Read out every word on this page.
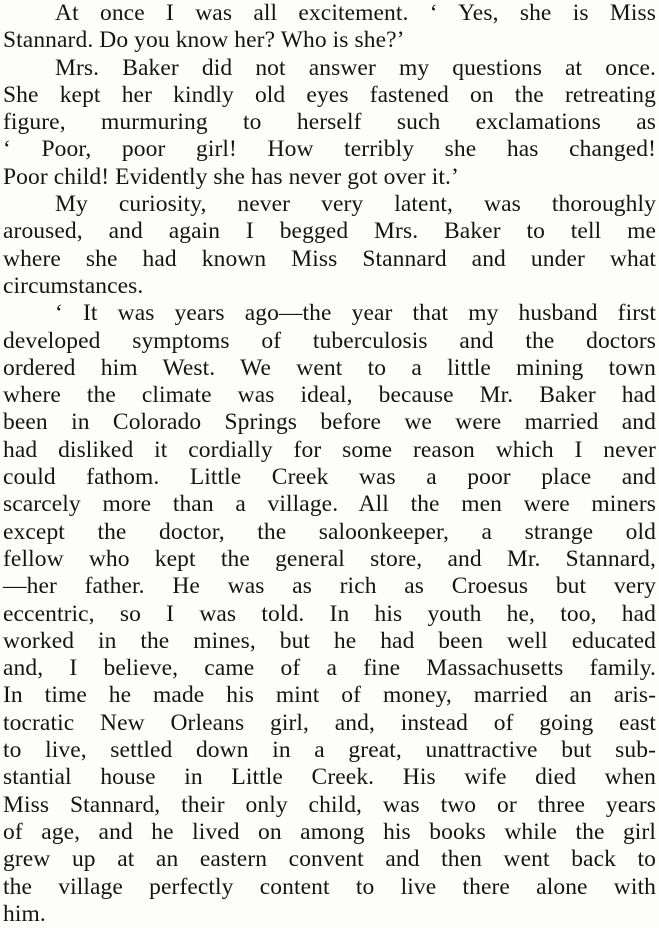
At once I was all excitement. ‘ Yes, she is Miss
Stannard. Do you know her? Who is she?’
Mrs. Baker did not answer my questions at once.
She kept her kindly old eyes fastened on the retreating
figure, murmuring to herself such exclamations as
‘ Poor, poor girl! How terribly she has changed!
Poor child! Evidently she has never got over it.’
My curiosity, never very latent, was thoroughly
aroused, and again I begged Mrs. Baker to tell me
where she had known Miss Stannard and under what
circumstances.
‘ It was years ago—the year that my husband first
developed symptoms of tuberculosis and the doctors
ordered him West. We went to a little mining town
where the climate was ideal, because Mr. Baker had
been in Colorado Springs before we were married and
had disliked it cordially for some reason which I never
could fathom. Little Creek was a poor place and
scarcely more than a village. All the men were miners
except the doctor, the saloonkeeper, a strange old
fellow who kept the general store, and Mr. Stannard,
—her father. He was as rich as Croesus but very
eccentric, so I was told. In his youth he, too, had
worked in the mines, but he had been well educated
and, I believe, came of a fine Massachusetts family.
In time he made his mint of money, married an aris-
tocratic New Orleans girl, and, instead of going east
to live, settled down in a great, unattractive but sub-
stantial house in Little Creek. His wife died when
Miss Stannard, their only child, was two or three years
of age, and he lived on among his books while the girl
grew up at an eastern convent and then went back to
the village perfectly content to live there alone with
him.
